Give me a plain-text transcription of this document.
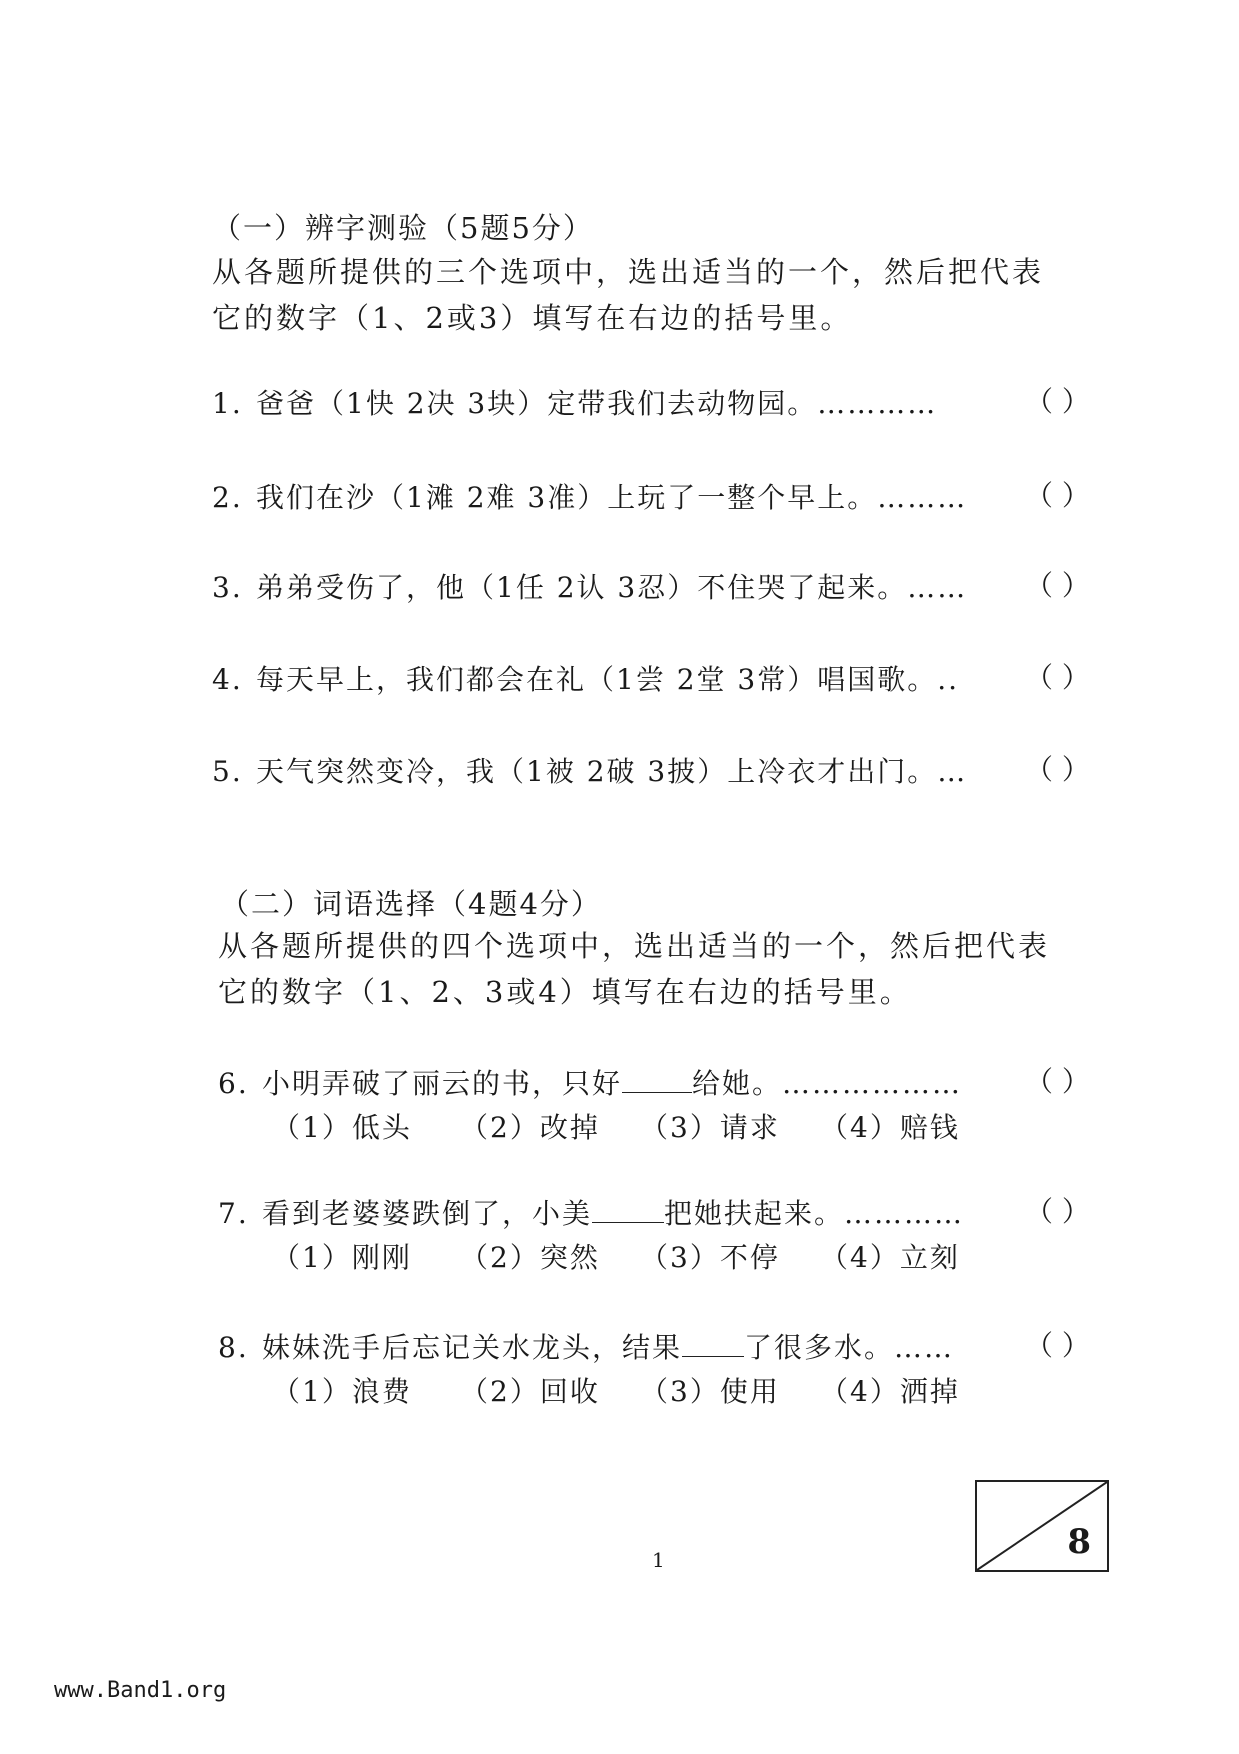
（一）辨字测验（5题5分）
从各题所提供的三个选项中，选出适当的一个，然后把代表
它的数字（1、2或3）填写在右边的括号里。
1. 爸爸（1快 2决 3块）定带我们去动物园。…………	（ ）
2. 我们在沙（1滩 2难 3准）上玩了一整个早上。……… （ ）
3. 弟弟受伤了，他（1任 2认 3忍）不住哭了起来。…… （ ）
4. 每天早上，我们都会在礼（1尝 2堂 3常）唱国歌。.. （ ）
5. 天气突然变冷，我（1被 2破 3披）上冷衣才出门。… （ ）
（二）词语选择（4题4分）
从各题所提供的四个选项中，选出适当的一个，然后把代表
它的数字（1、2、3或4）填写在右边的括号里。
6. 小明弄破了丽云的书，只好	给她。……………… （ ）
（1）低头 （2）改掉 （3）请求 （4）赔钱
7. 看到老婆婆跌倒了，小美	把她扶起来。………… （ ）
（1）刚刚 （2）突然 （3）不停 （4）立刻
8. 妹妹洗手后忘记关水龙头，结果 了很多水。……	（ ）
（1）浪费 （2）回收 （3）使用 （4）洒掉
8
1
www.Band1.org
